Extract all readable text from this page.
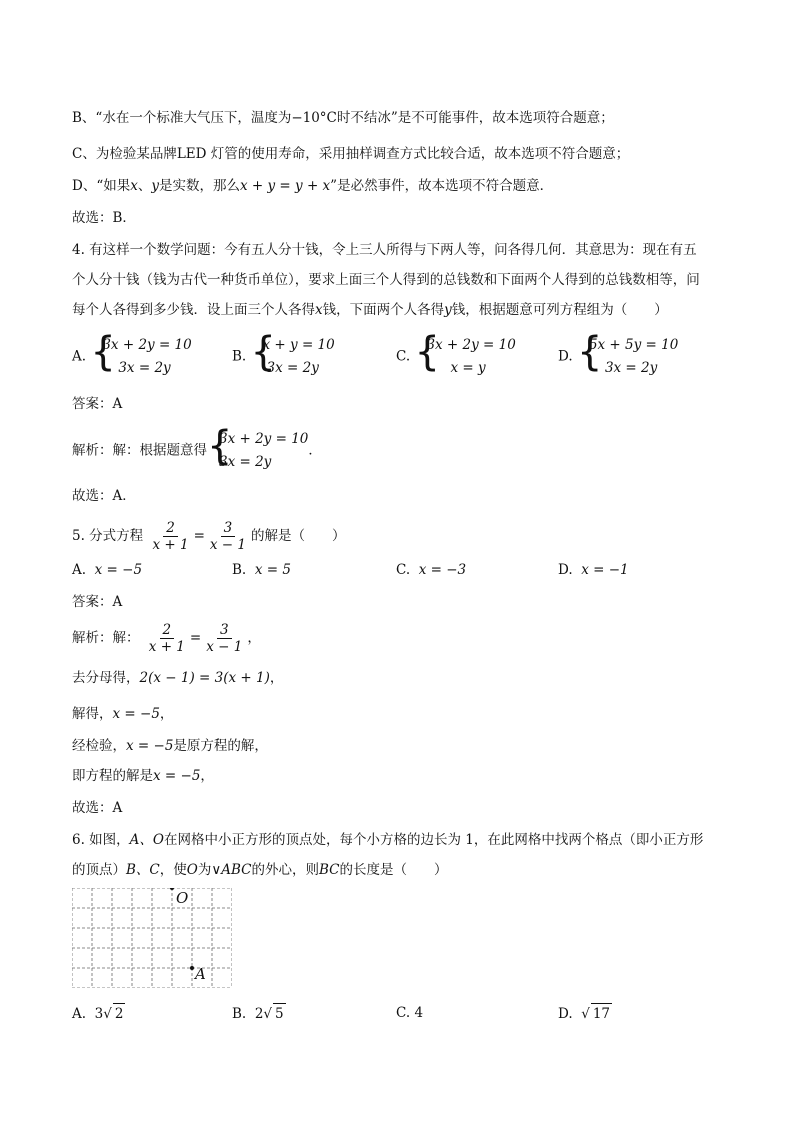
B、“水在一个标准大气压下，温度为−10°C时不结冰”是不可能事件，故本选项符合题意；
C、为检验某品牌LED 灯管的使用寿命，采用抽样调查方式比较合适，故本选项不符合题意；
D、“如果x、y是实数，那么x + y = y + x”是必然事件，故本选项不符合题意．
故选：B．
4. 有这样一个数学问题：今有五人分十钱，令上三人所得与下两人等，问各得几何．其意思为：现在有五
个人分十钱（钱为古代一种货币单位），要求上面三个人得到的总钱数和下面两个人得到的总钱数相等，问
每个人各得到多少钱．设上面三个人各得x钱，下面两个人各得y钱，根据题意可列方程组为（　　）
A. {
3x + 2y = 10
3x = 2y
B. {
x + y = 10
3x = 2y
C. {
3x + 2y = 10
x = y
D. {
5x + 5y = 10
3x = 2y
答案：A
解析：解：根据题意得 {
3x + 2y = 10
3x = 2y
．
故选：A．
5. 分式方程 $\frac{2}{x + 1} = \frac{3}{x - 1}$ 的解是（　　）
A. x = −5	B. x = 5	C. x = −3	D. x = −1
答案：A
解析：解： $\frac{2}{x + 1} = \frac{3}{x - 1}$ ，
去分母得，2(x − 1) = 3(x + 1)，
解得，x = −5，
经检验，x = −5是原方程的解，
即方程的解是x = −5，
故选：A
6. 如图，A、O在网格中小正方形的顶点处，每个小方格的边长为 1，在此网格中找两个格点（即小正方形
的顶点）B、C，使O为∨ABC的外心，则BC的长度是（　　）
O
A
A. 3√ 2	B. 2√ 5	C. 4	D.  √ 17
